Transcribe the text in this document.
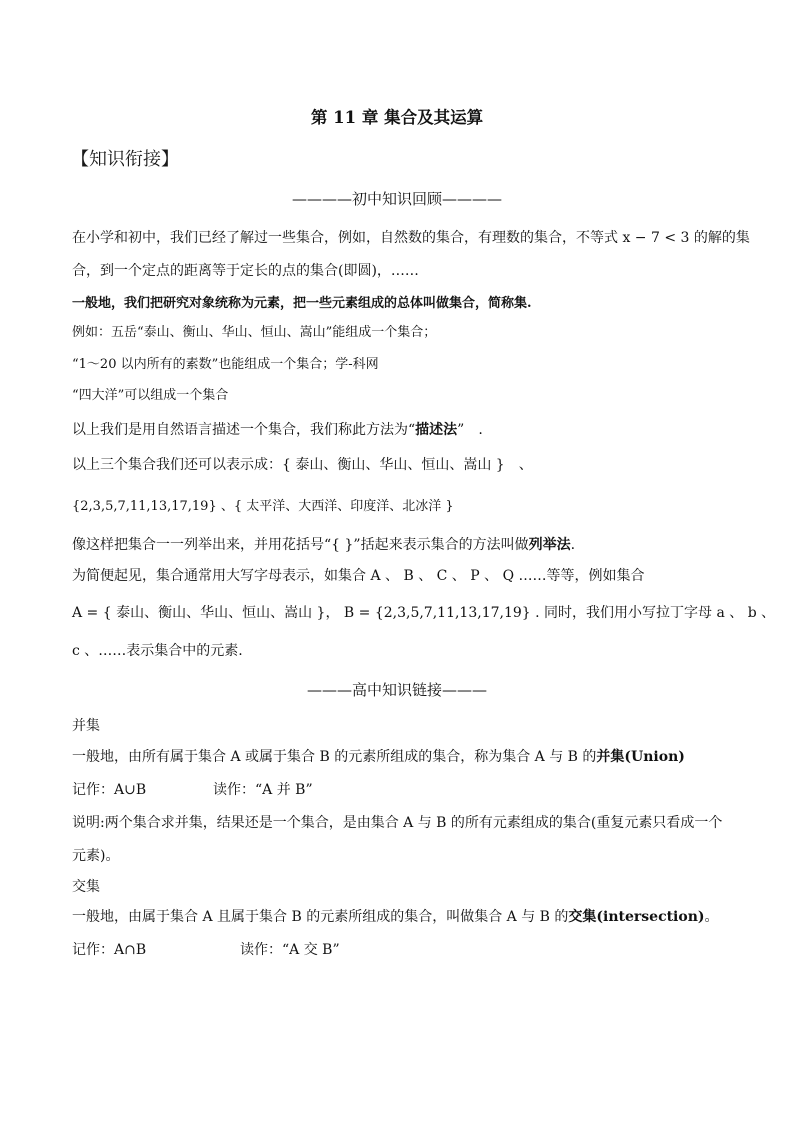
第 11 章 集合及其运算
【知识衔接】
————初中知识回顾————
在小学和初中，我们已经了解过一些集合，例如，自然数的集合，有理数的集合，不等式 x − 7 < 3 的解的集
合，到一个定点的距离等于定长的点的集合(即圆)，……
一般地，我们把研究对象统称为元素，把一些元素组成的总体叫做集合，简称集.
例如：五岳“泰山、衡山、华山、恒山、嵩山”能组成一个集合；
“1～20 以内所有的素数”也能组成一个集合；学-科网
“四大洋”可以组成一个集合
以上我们是用自然语言描述一个集合，我们称此方法为“描述法”　.
以上三个集合我们还可以表示成：{ 泰山、衡山、华山、恒山、嵩山 }　、
{2,3,5,7,11,13,17,19} 、{ 太平洋、大西洋、印度洋、北冰洋 }
像这样把集合一一列举出来，并用花括号“{ }”括起来表示集合的方法叫做列举法.
为简便起见，集合通常用大写字母表示，如集合 A 、 B 、 C 、 P 、 Q ……等等，例如集合
A = { 泰山、衡山、华山、恒山、嵩山 }， B = {2,3,5,7,11,13,17,19} . 同时，我们用小写拉丁字母 a 、 b 、
c 、……表示集合中的元素.
———高中知识链接———
并集
一般地，由所有属于集合 A 或属于集合 B 的元素所组成的集合，称为集合 A 与 B 的并集(Union)
记作：A∪B	读作：“A 并 B”
说明:两个集合求并集，结果还是一个集合，是由集合 A 与 B 的所有元素组成的集合(重复元素只看成一个
元素)。
交集
一般地，由属于集合 A 且属于集合 B 的元素所组成的集合，叫做集合 A 与 B 的交集(intersection)。
记作：A∩B	读作：“A 交 B”
